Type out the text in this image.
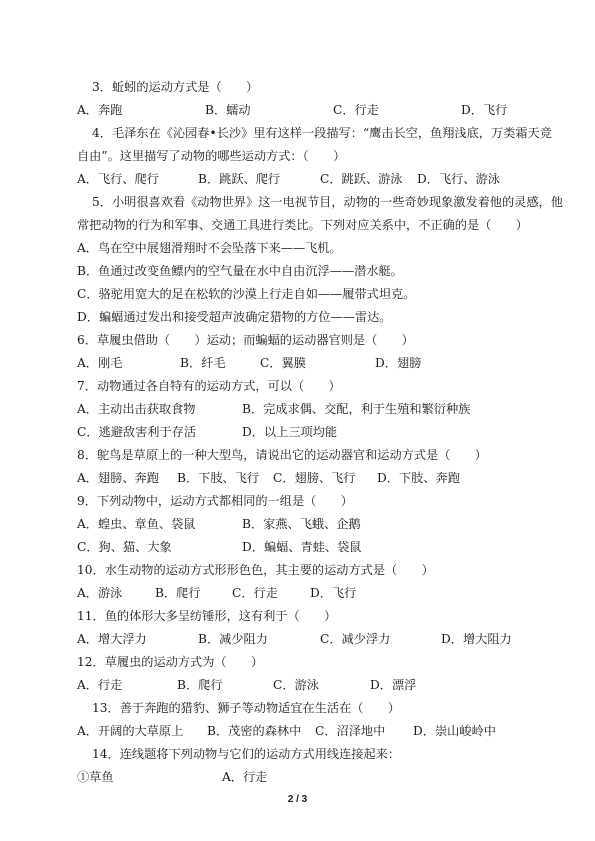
3．蚯蚓的运动方式是（　　）
A．奔跑	B．蠕动	C．行走	D．飞行
4．毛泽东在《沁园春•长沙》里有这样一段描写：“鹰击长空，鱼翔浅底，万类霜天竞
自由”。这里描写了动物的哪些运动方式：（　　）
A．飞行、爬行	B．跳跃、爬行	C．跳跃、游泳 D．飞行、游泳
5．小明很喜欢看《动物世界》这一电视节目，动物的一些奇妙现象激发着他的灵感，他
常把动物的行为和军事、交通工具进行类比。下列对应关系中，不正确的是（　　）
A．鸟在空中展翅滑翔时不会坠落下来——飞机。
B．鱼通过改变鱼鳔内的空气量在水中自由沉浮——潜水艇。
C．骆驼用宽大的足在松软的沙漠上行走自如——履带式坦克。
D．蝙蝠通过发出和接受超声波确定猎物的方位——雷达。
6．草履虫借助（　　）运动；而蝙蝠的运动器官则是（　　）
A．刚毛	B．纤毛	C．翼膜	D．翅膀
7．动物通过各自特有的运动方式，可以（　　）
A．主动出击获取食物	B．完成求偶、交配，利于生殖和繁衍种族
C．逃避敌害利于存活	D．以上三项均能
8．鸵鸟是草原上的一种大型鸟，请说出它的运动器官和运动方式是（　　）
A．翅膀、奔跑 B．下肢、飞行 C．翅膀、飞行 D．下肢、奔跑
9．下列动物中，运动方式都相同的一组是（　　）
A．蝗虫、章鱼、袋鼠	B．家燕、飞蛾、企鹅
C．狗、猫、大象	D．蝙蝠、青蛙、袋鼠
10．水生动物的运动方式形形色色，其主要的运动方式是（　　）
A．游泳	B．爬行	C．行走	D．飞行
11．鱼的体形大多呈纺锤形，这有利于（　　）
A．增大浮力	B．减少阻力	C．减少浮力	D．增大阻力
12．草履虫的运动方式为（　　）
A．行走	B．爬行	C．游泳	D．漂浮
13．善于奔跑的猎豹、狮子等动物适宜在生活在（　　）
A．开阔的大草原上 B．茂密的森林中 C．沼泽地中 D．崇山峻岭中
14．连线题将下列动物与它们的运动方式用线连接起来：
①草鱼	A．行走
2 / 3
